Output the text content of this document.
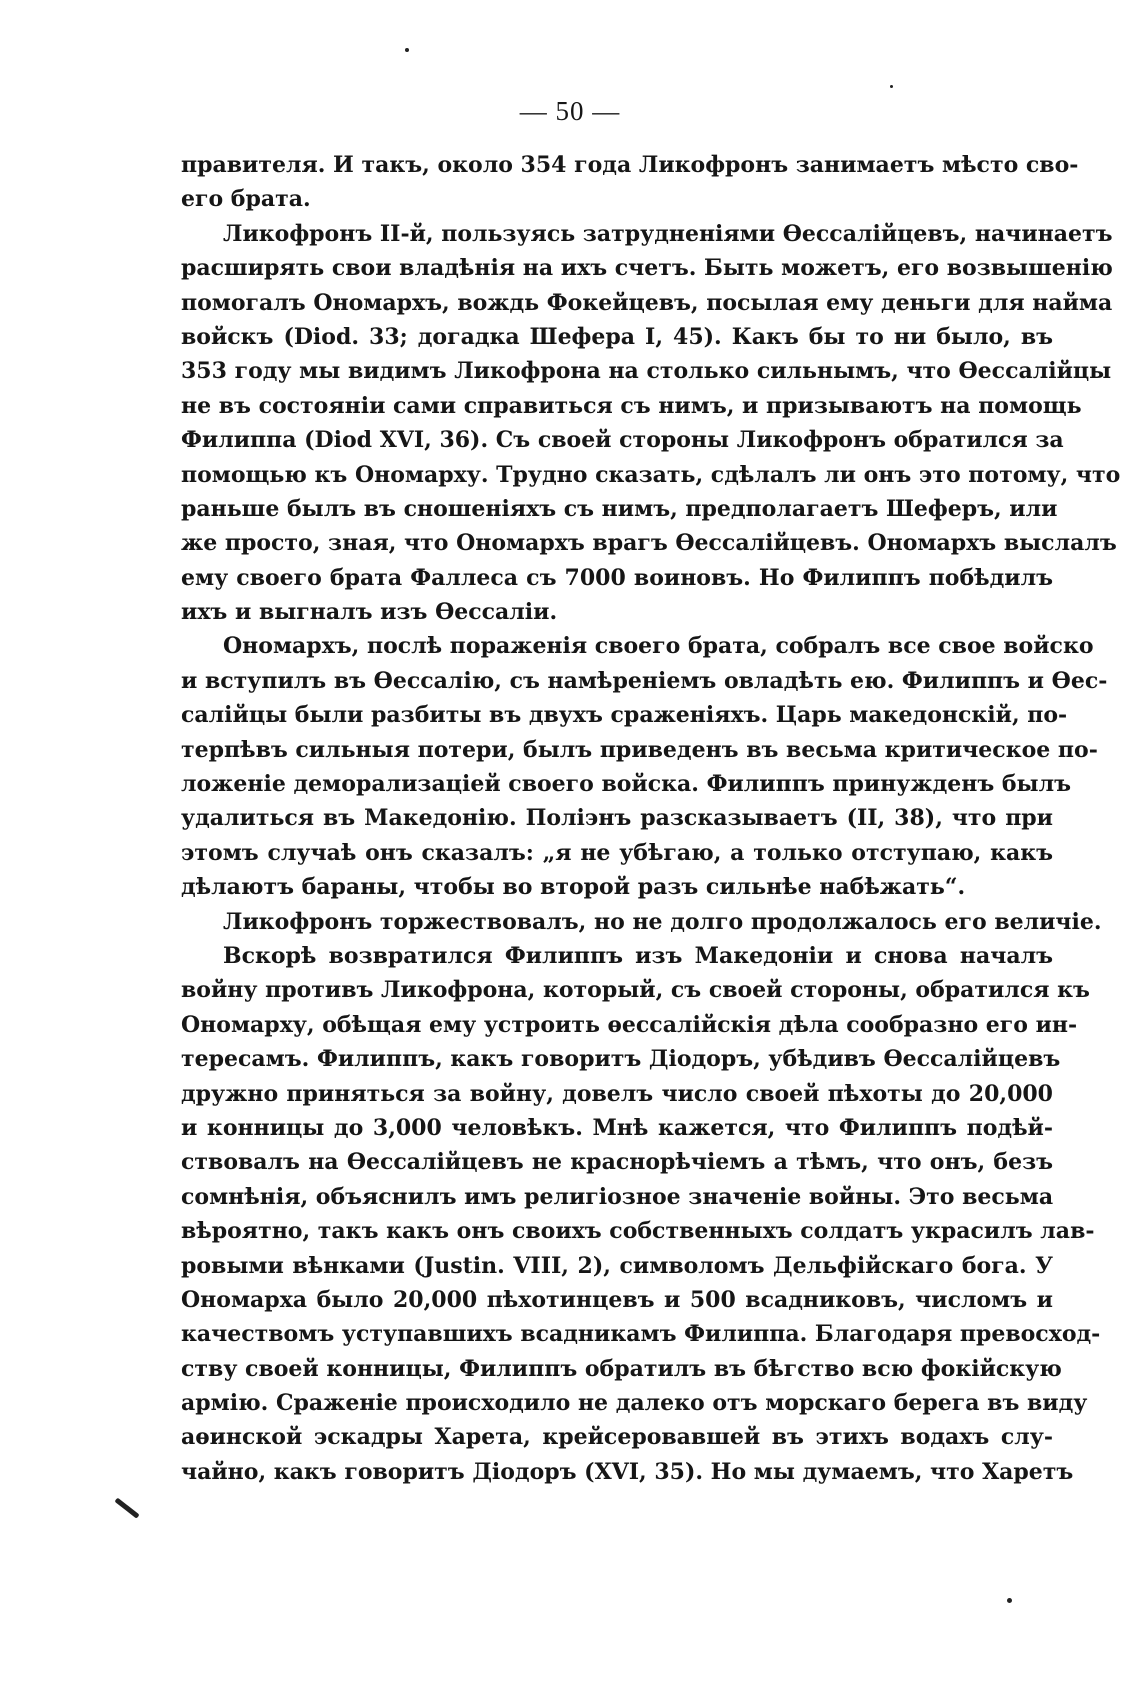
— 50 —
правителя. И такъ, около 354 года Ликофронъ занимаетъ мѣсто сво-
его брата.
Ликофронъ II-й, пользуясь затрудненіями Ѳессалійцевъ, начинаетъ
расширять свои владѣнія на ихъ счетъ. Быть можетъ, его возвышенію
помогалъ Ономархъ, вождь Фокейцевъ, посылая ему деньги для найма
войскъ (Diod. 33; догадка Шефера I, 45). Какъ бы то ни было, въ
353 году мы видимъ Ликофрона на столько сильнымъ, что Ѳессалійцы
не въ состояніи сами справиться съ нимъ, и призываютъ на помощь
Филиппа (Diod XVI, 36). Съ своей стороны Ликофронъ обратился за
помощью къ Ономарху. Трудно сказать, сдѣлалъ ли онъ это потому, что
раньше былъ въ сношеніяхъ съ нимъ, предполагаетъ Шеферъ, или
же просто, зная, что Ономархъ врагъ Ѳессалійцевъ. Ономархъ выслалъ
ему своего брата Фаллеса съ 7000 воиновъ. Но Филиппъ побѣдилъ
ихъ и выгналъ изъ Ѳессаліи.
Ономархъ, послѣ пораженія своего брата, собралъ все свое войско
и вступилъ въ Ѳессалію, съ намѣреніемъ овладѣть ею. Филиппъ и Ѳес-
салійцы были разбиты въ двухъ сраженіяхъ. Царь македонскій, по-
терпѣвъ сильныя потери, былъ приведенъ въ весьма критическое по-
ложеніе деморализаціей своего войска. Филиппъ принужденъ былъ
удалиться въ Македонію. Поліэнъ разсказываетъ (II, 38), что при
этомъ случаѣ онъ сказалъ: „я не убѣгаю, а только отступаю, какъ
дѣлаютъ бараны, чтобы во второй разъ сильнѣе набѣжать“.
Ликофронъ торжествовалъ, но не долго продолжалось его величіе.
Вскорѣ возвратился Филиппъ изъ Македоніи и снова началъ
войну противъ Ликофрона, который, съ своей стороны, обратился къ
Ономарху, обѣщая ему устроить ѳессалійскія дѣла сообразно его ин-
тересамъ. Филиппъ, какъ говоритъ Діодоръ, убѣдивъ Ѳессалійцевъ
дружно приняться за войну, довелъ число своей пѣхоты до 20,000
и конницы до 3,000 человѣкъ. Мнѣ кажется, что Филиппъ подѣй-
ствовалъ на Ѳессалійцевъ не краснорѣчіемъ а тѣмъ, что онъ, безъ
сомнѣнія, объяснилъ имъ религіозное значеніе войны. Это весьма
вѣроятно, такъ какъ онъ своихъ собственныхъ солдатъ украсилъ лав-
ровыми вѣнками (Justin. VIII, 2), символомъ Дельфійскаго бога. У
Ономарха было 20,000 пѣхотинцевъ и 500 всадниковъ, числомъ и
качествомъ уступавшихъ всадникамъ Филиппа. Благодаря превосход-
ству своей конницы, Филиппъ обратилъ въ бѣгство всю фокійскую
армію. Сраженіе происходило не далеко отъ морскаго берега въ виду
аѳинской эскадры Харета, крейсеровавшей въ этихъ водахъ слу-
чайно, какъ говоритъ Діодоръ (XVI, 35). Но мы думаемъ, что Харетъ
